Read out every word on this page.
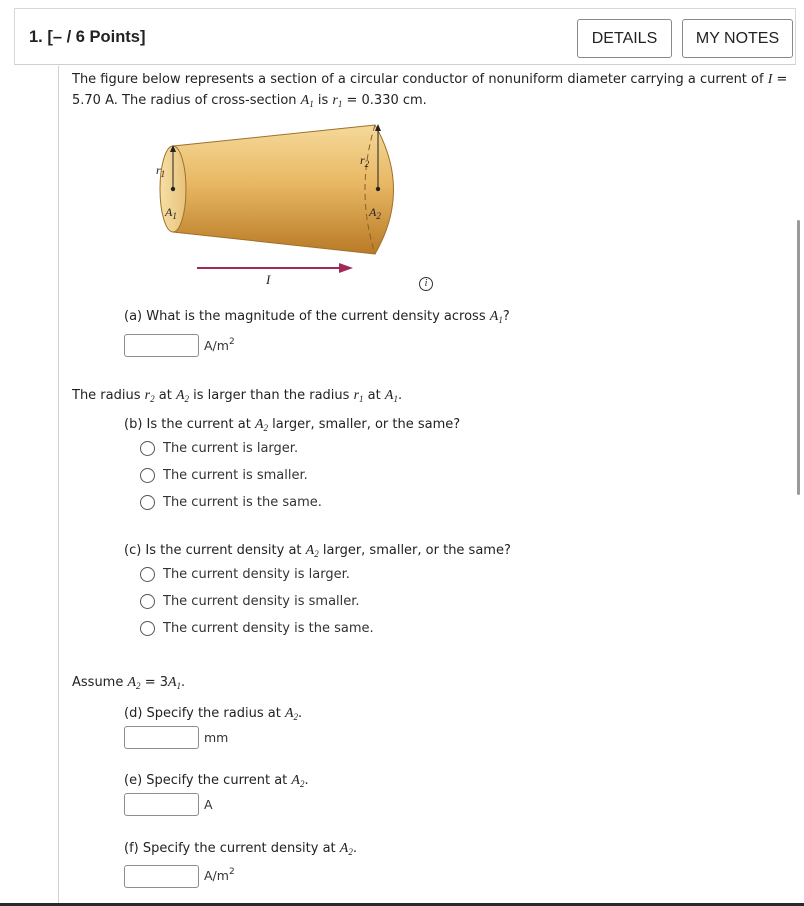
1. [– / 6 Points]	DETAILS	MY NOTES
The figure below represents a section of a circular conductor of nonuniform diameter carrying a current of I =
5.70 A. The radius of cross-section $A_1$ is $r_1 = 0.330$ cm.
$r_1$
$r_2$
$A_1$	$A_2$
I	i
(a) What is the magnitude of the current density across $A_1$?
$A/m^2$
The radius $r_2$ at $A_2$ is larger than the radius $r_1$ at $A_1$.
(b) Is the current at $A_2$ larger, smaller, or the same?
The current is larger.
The current is smaller.
The current is the same.
(c) Is the current density at $A_2$ larger, smaller, or the same?
The current density is larger.
The current density is smaller.
The current density is the same.
Assume $A_2 = 3A_1$.
(d) Specify the radius at $A_2$.
mm
(e) Specify the current at $A_2$.
A
(f) Specify the current density at $A_2$.
$A/m^2$
